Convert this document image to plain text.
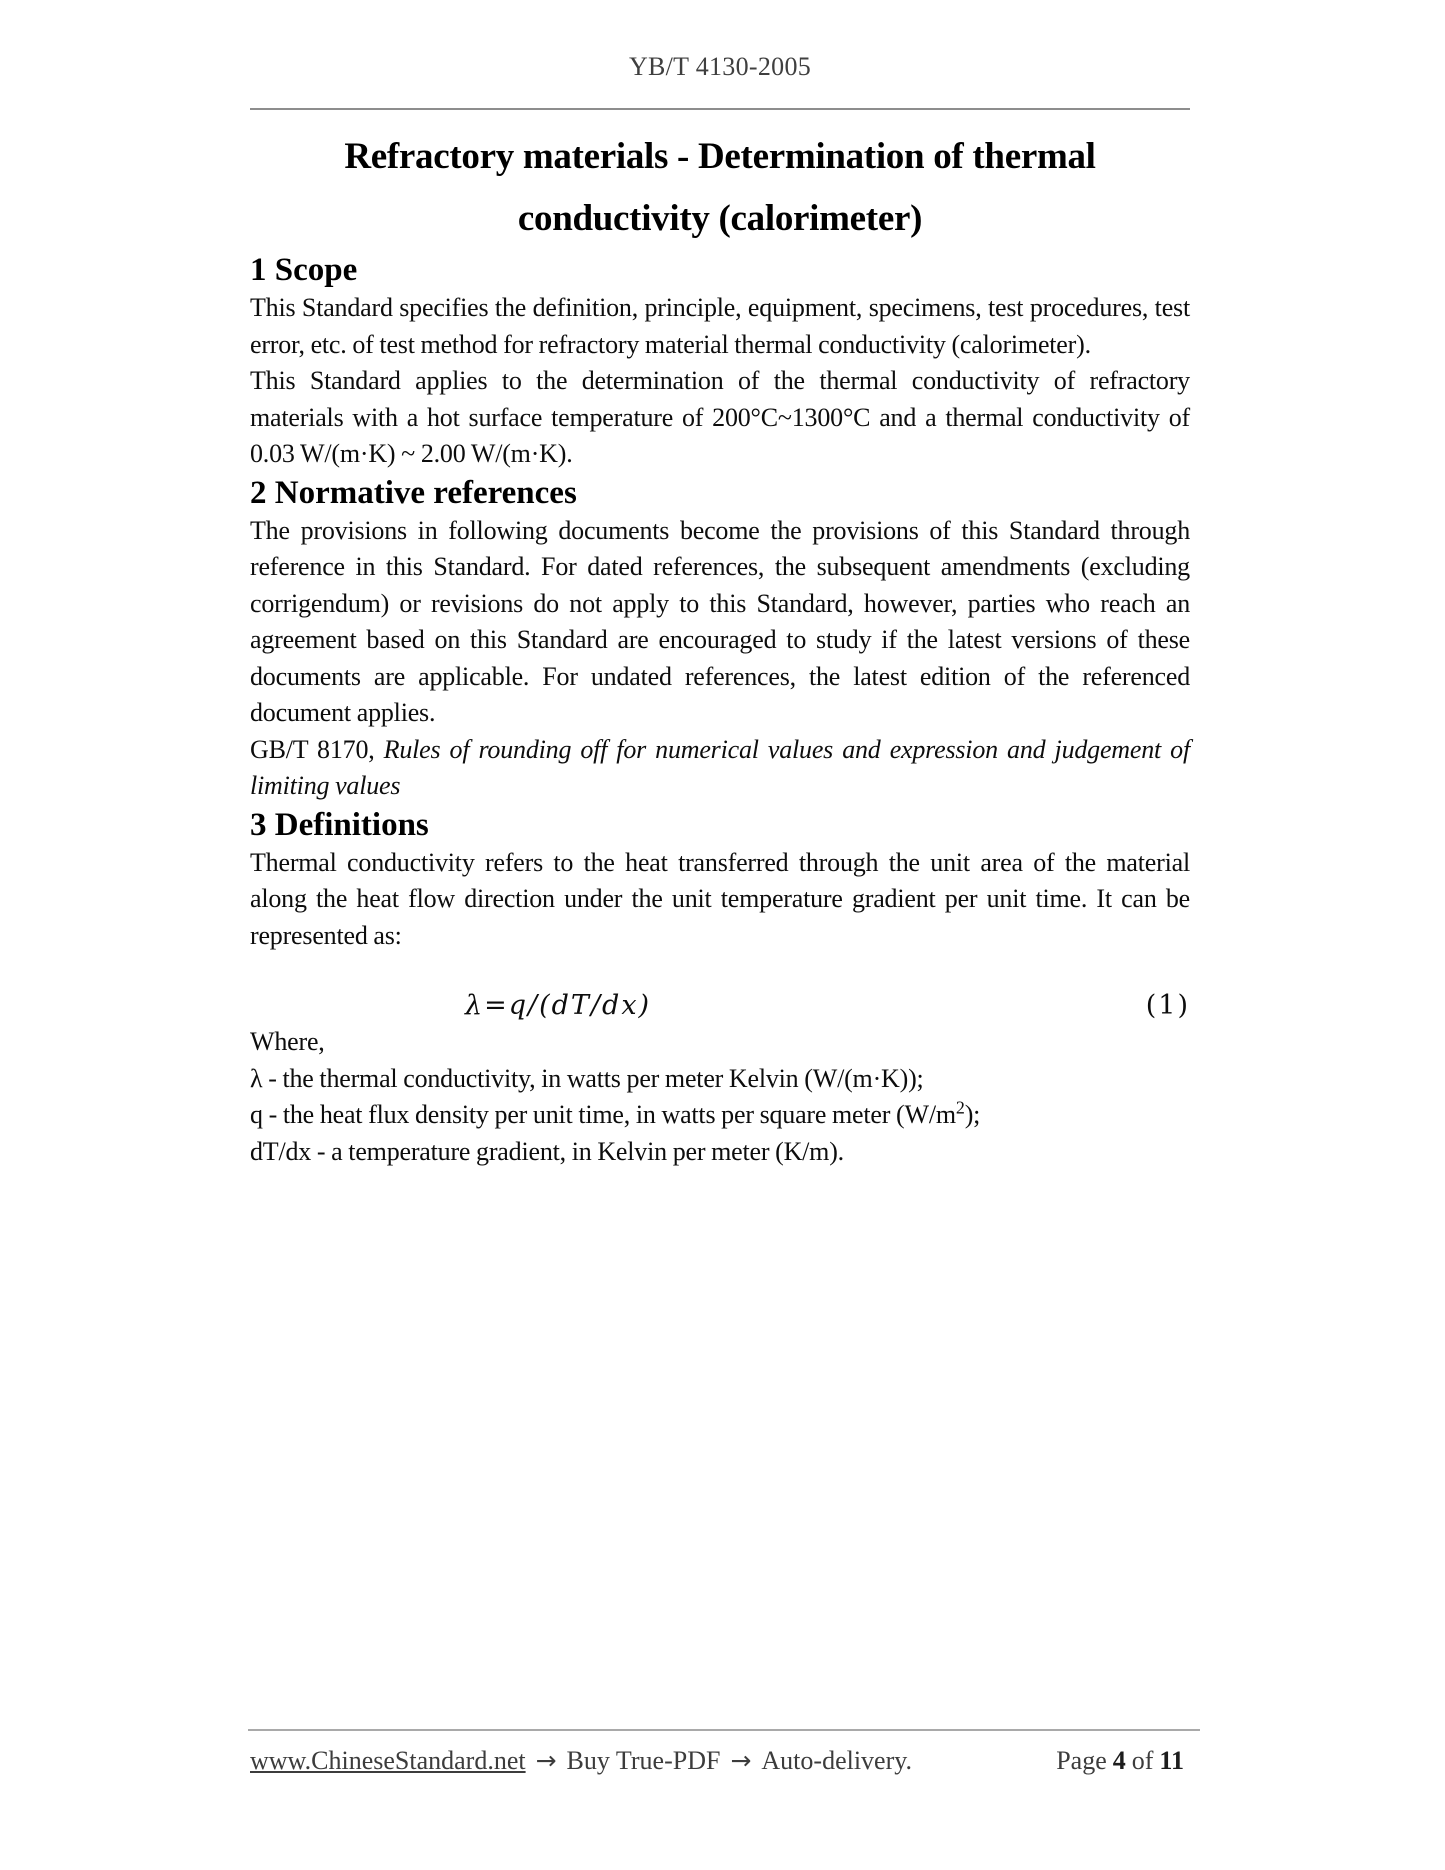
YB/T 4130-2005
Refractory materials - Determination of thermal
conductivity (calorimeter)
1 Scope

This Standard specifies the definition, principle, equipment, specimens, test procedures, test error, etc. of test method for refractory material thermal conductivity (calorimeter).

This Standard applies to the determination of the thermal conductivity of refractory materials with a hot surface temperature of 200°C~1300°C and a thermal conductivity of 0.03 W/(m·K) ~ 2.00 W/(m·K).

2 Normative references

The provisions in following documents become the provisions of this Standard through reference in this Standard. For dated references, the subsequent amendments (excluding corrigendum) or revisions do not apply to this Standard, however, parties who reach an agreement based on this Standard are encouraged to study if the latest versions of these documents are applicable. For undated references, the latest edition of the referenced document applies.

GB/T 8170, Rules of rounding off for numerical values and expression and judgement of limiting values

3 Definitions

Thermal conductivity refers to the heat transferred through the unit area of the material along the heat flow direction under the unit temperature gradient per unit time. It can be represented as:

λ=q/(dT/dx)	(1)

Where,

λ - the thermal conductivity, in watts per meter Kelvin (W/(m·K));

q - the heat flux density per unit time, in watts per square meter $(W/m^2)$;

dT/dx - a temperature gradient, in Kelvin per meter (K/m).

www.ChineseStandard.net → Buy True-PDF → Auto-delivery.	Page 4 of 11
